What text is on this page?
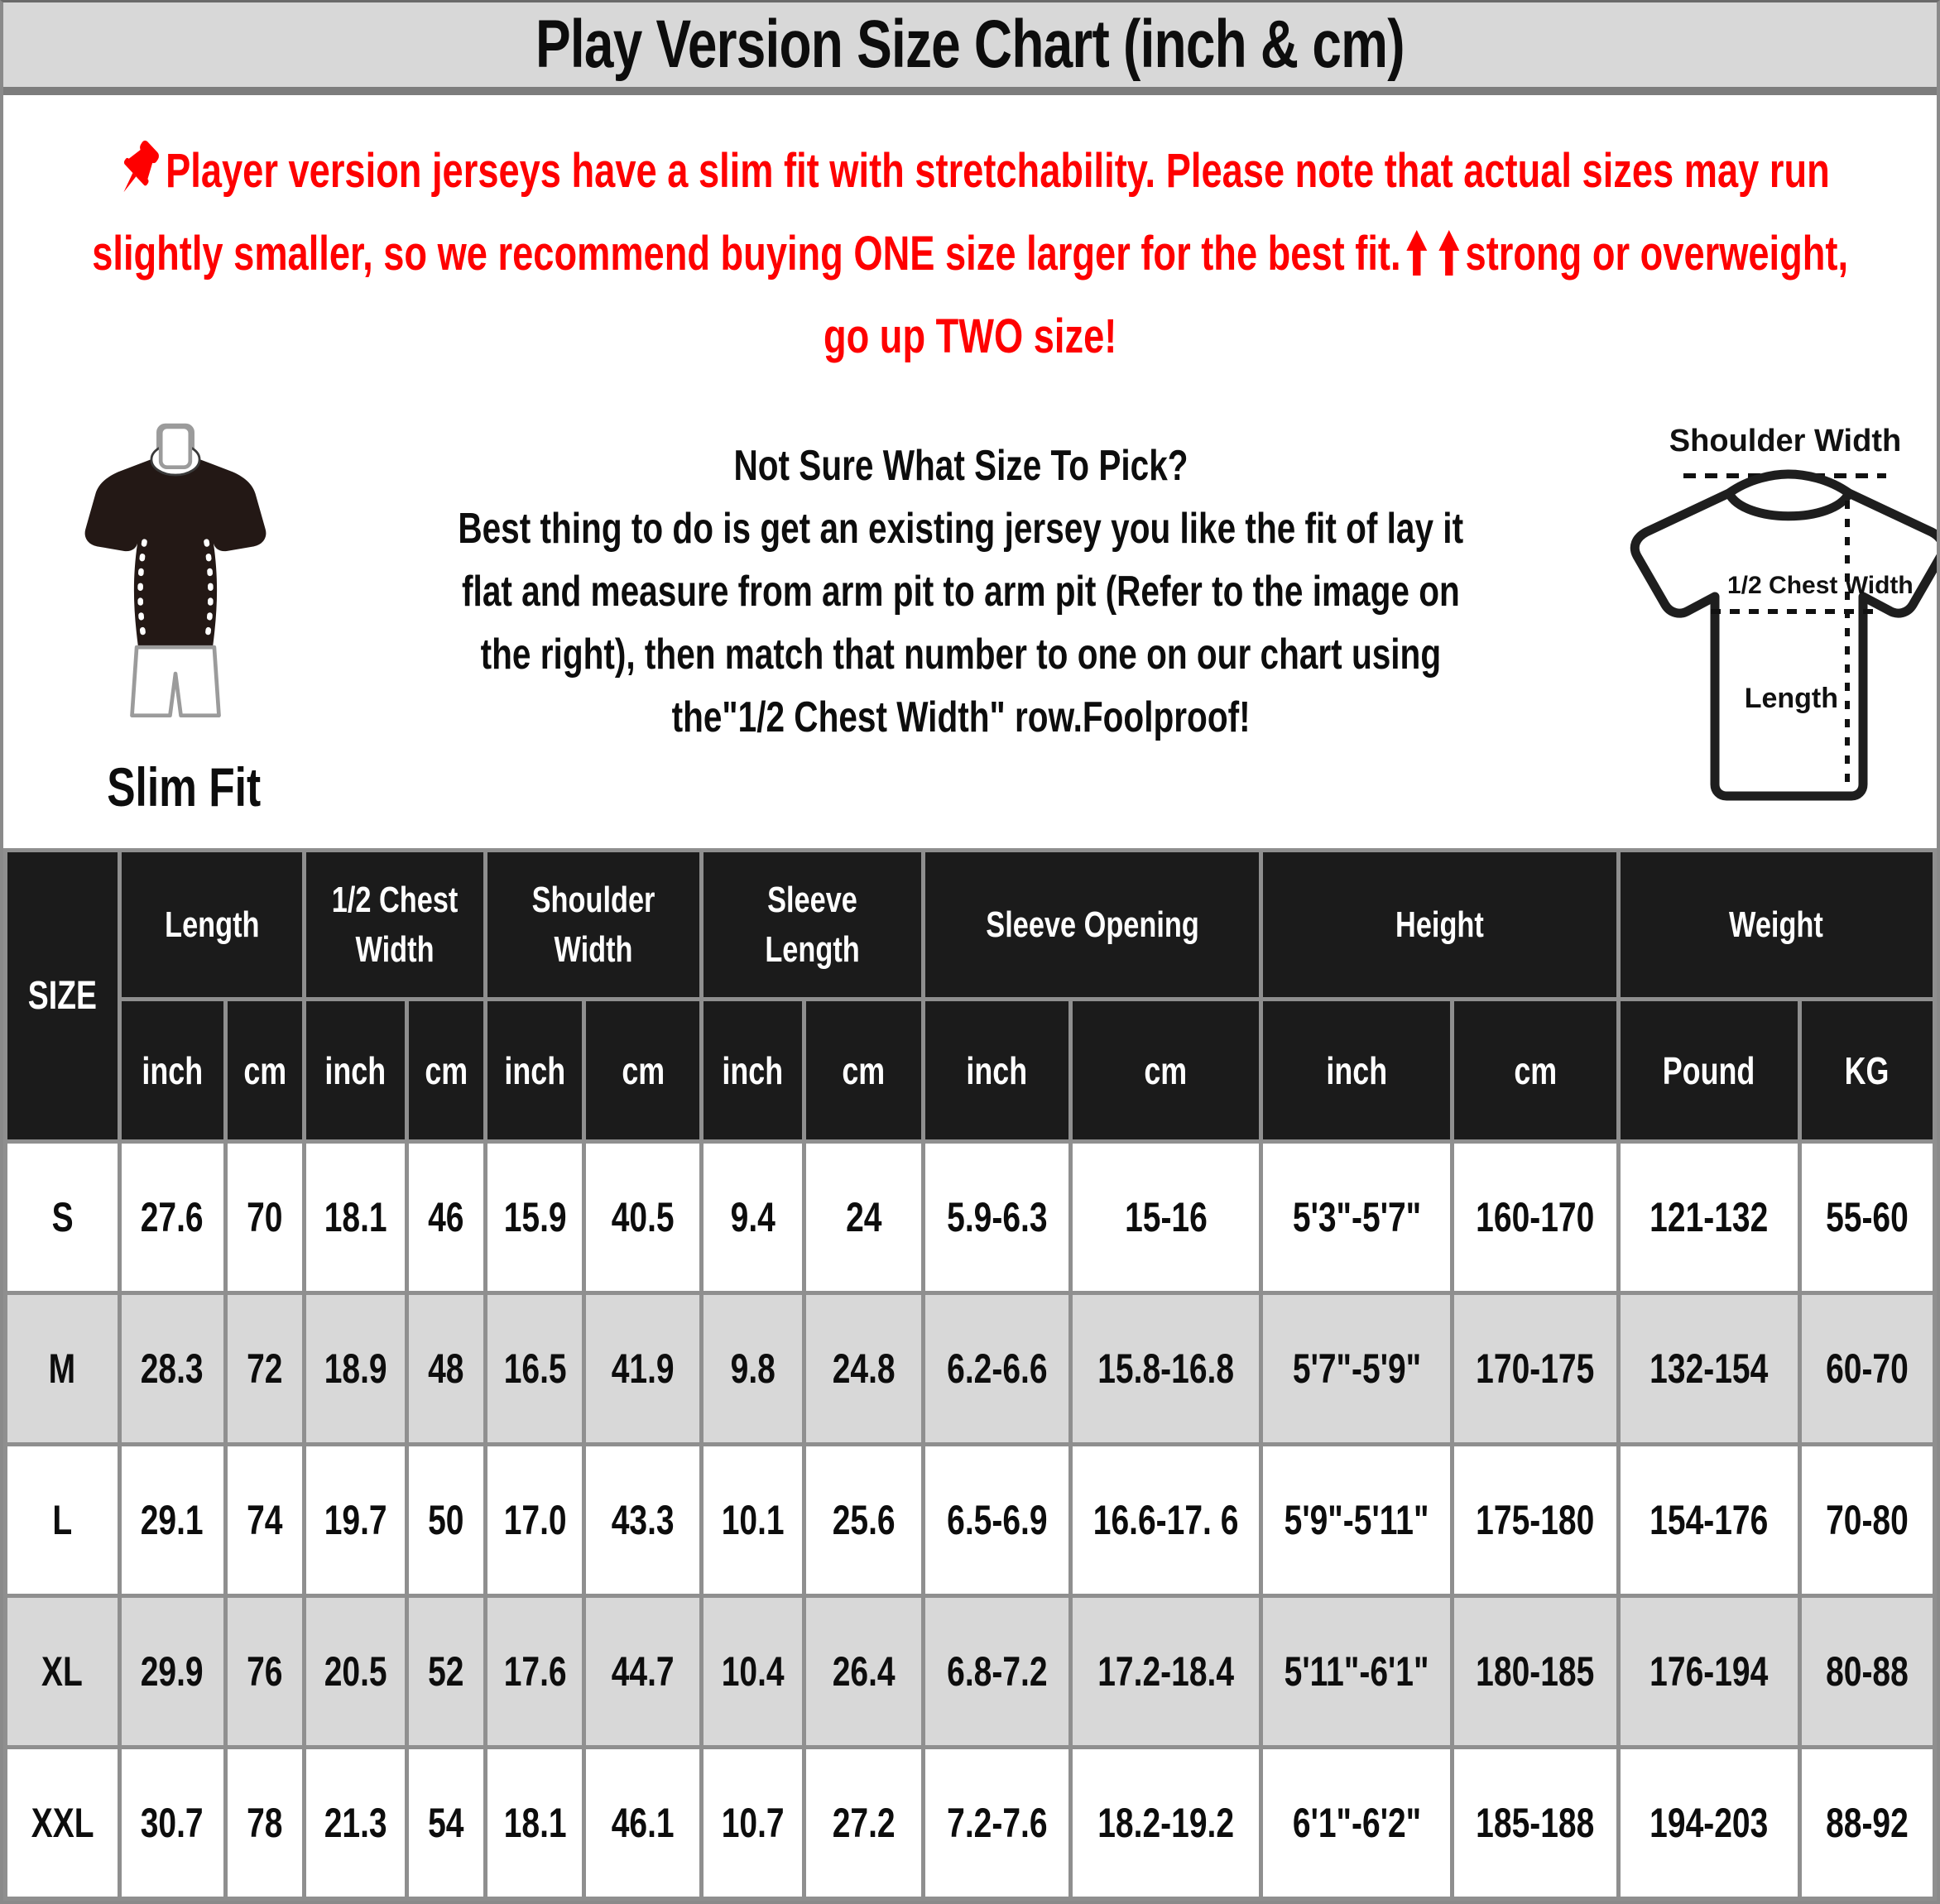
Play Version Size Chart (inch & cm)
Player version jerseys have a slim fit with stretchability. Please note that actual sizes may run
slightly smaller, so we recommend buying ONE size larger for the best fit. strong or overweight,
go up TWO size!
Slim Fit
Not Sure What Size To Pick?
Best thing to do is get an existing jersey you like the fit of lay it
flat and measure from arm pit to arm pit (Refer to the image on
the right), then match that number to one on our chart using
the"1/2 Chest Width" row.Foolproof!
Shoulder Width
1/2 Chest Width
Length
SIZE	Length		1/2 Chest Width		Shoulder Width		Sleeve Length		Sleeve Opening		Height		Weight	
	inch	cm	inch	cm	inch	cm	inch	cm	inch	cm	inch	cm	Pound	KG
S	27.6	70	18.1	46	15.9	40.5	9.4	24	5.9-6.3	15-16	5'3"-5'7"	160-170	121-132	55-60
M	28.3	72	18.9	48	16.5	41.9	9.8	24.8	6.2-6.6	15.8-16.8	5'7"-5'9"	170-175	132-154	60-70
L	29.1	74	19.7	50	17.0	43.3	10.1	25.6	6.5-6.9	16.6-17. 6	5'9"-5'11"	175-180	154-176	70-80
XL	29.9	76	20.5	52	17.6	44.7	10.4	26.4	6.8-7.2	17.2-18.4	5'11"-6'1"	180-185	176-194	80-88
XXL	30.7	78	21.3	54	18.1	46.1	10.7	27.2	7.2-7.6	18.2-19.2	6'1"-6'2"	185-188	194-203	88-92
